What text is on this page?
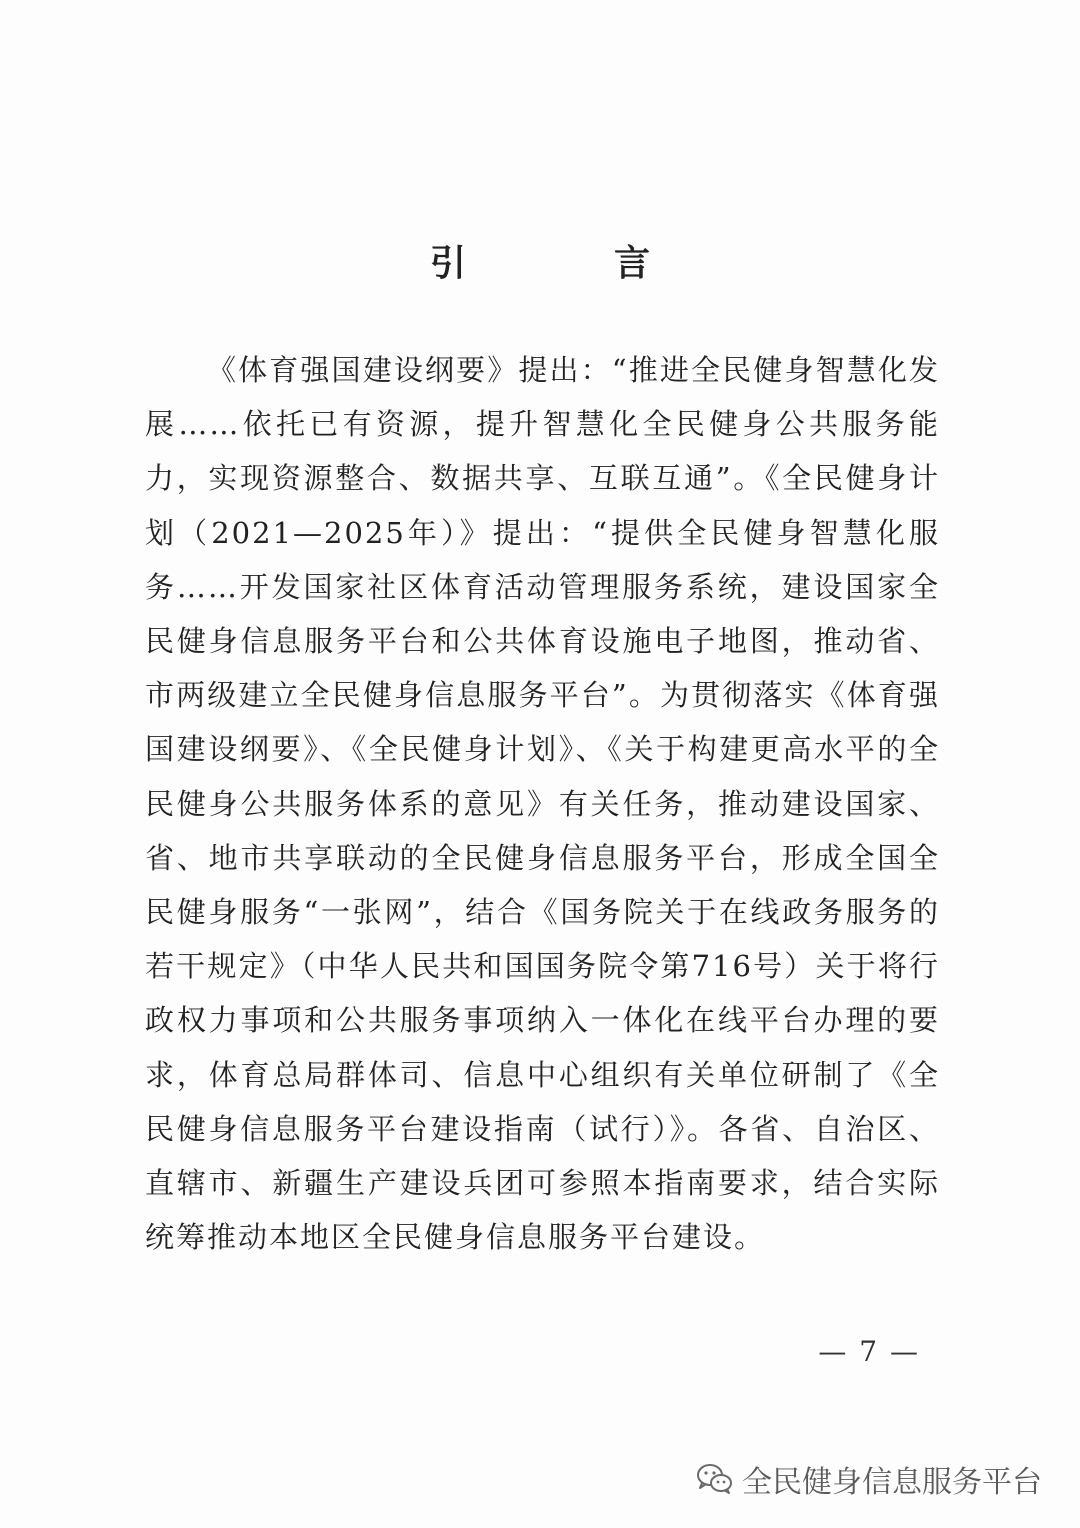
引　言
《体育强国建设纲要》提出：“推进全民健身智慧化发展……依托已有资源，提升智慧化全民健身公共服务能力，实现资源整合、数据共享、互联互通”。《全民健身计划（2021—2025年）》提出：“提供全民健身智慧化服务……开发国家社区体育活动管理服务系统，建设国家全民健身信息服务平台和公共体育设施电子地图，推动省、市两级建立全民健身信息服务平台”。为贯彻落实《体育强国建设纲要》、《全民健身计划》、《关于构建更高水平的全民健身公共服务体系的意见》有关任务，推动建设国家、省、地市共享联动的全民健身信息服务平台，形成全国全民健身服务“一张网”，结合《国务院关于在线政务服务的若干规定》（中华人民共和国国务院令第716号）关于将行政权力事项和公共服务事项纳入一体化在线平台办理的要求，体育总局群体司、信息中心组织有关单位研制了《全民健身信息服务平台建设指南（试行）》。各省、自治区、直辖市、新疆生产建设兵团可参照本指南要求，结合实际统筹推动本地区全民健身信息服务平台建设。
— 7 —
全民健身信息服务平台
